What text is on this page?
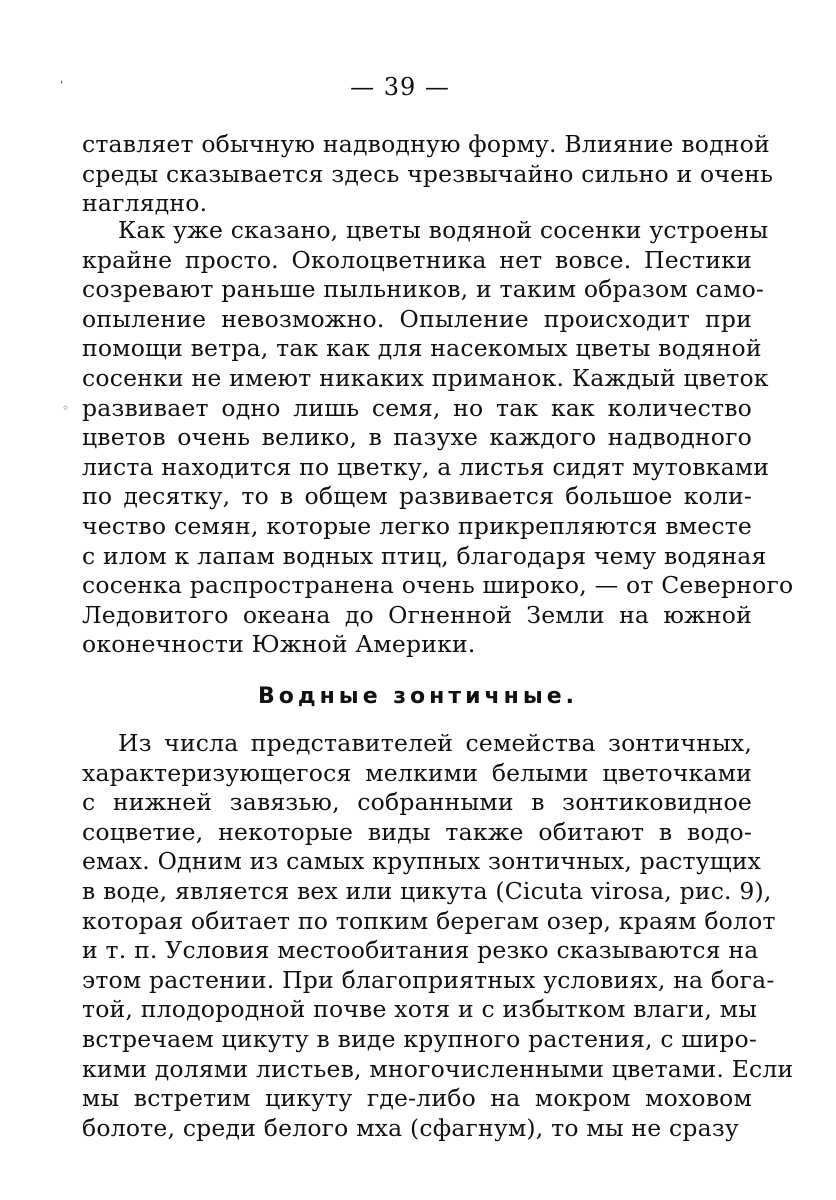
ˌ
◦
— 39 —
ставляет обычную надводную форму. Влияние водной
среды сказывается здесь чрезвычайно сильно и очень
наглядно.
Как уже сказано, цветы водяной сосенки устроены
крайне просто. Околоцветника нет вовсе. Пестики
созревают раньше пыльников, и таким образом само-
опыление невозможно. Опыление происходит при
помощи ветра, так как для насекомых цветы водяной
сосенки не имеют никаких приманок. Каждый цветок
развивает одно лишь семя, но так как количество
цветов очень велико, в пазухе каждого надводного
листа находится по цветку, а листья сидят мутовками
по десятку, то в общем развивается большое коли-
чество семян, которые легко прикрепляются вместе
с илом к лапам водных птиц, благодаря чему водяная
сосенка распространена очень широко, — от Северного
Ледовитого океана до Огненной Земли на южной
оконечности Южной Америки.
Водные зонтичные.
Из числа представителей семейства зонтичных,
характеризующегося мелкими белыми цветочками
с нижней завязью, собранными в зонтиковидное
соцветие, некоторые виды также обитают в водо-
емах. Одним из самых крупных зонтичных, растущих
в воде, является вех или цикута (Cicuta virosa, рис. 9),
которая обитает по топким берегам озер, краям болот
и т. п. Условия местообитания резко сказываются на
этом растении. При благоприятных условиях, на бога-
той, плодородной почве хотя и с избытком влаги, мы
встречаем цикуту в виде крупного растения, с широ-
кими долями листьев, многочисленными цветами. Если
мы встретим цикуту где-либо на мокром моховом
болоте, среди белого мха (сфагнум), то мы не сразу
